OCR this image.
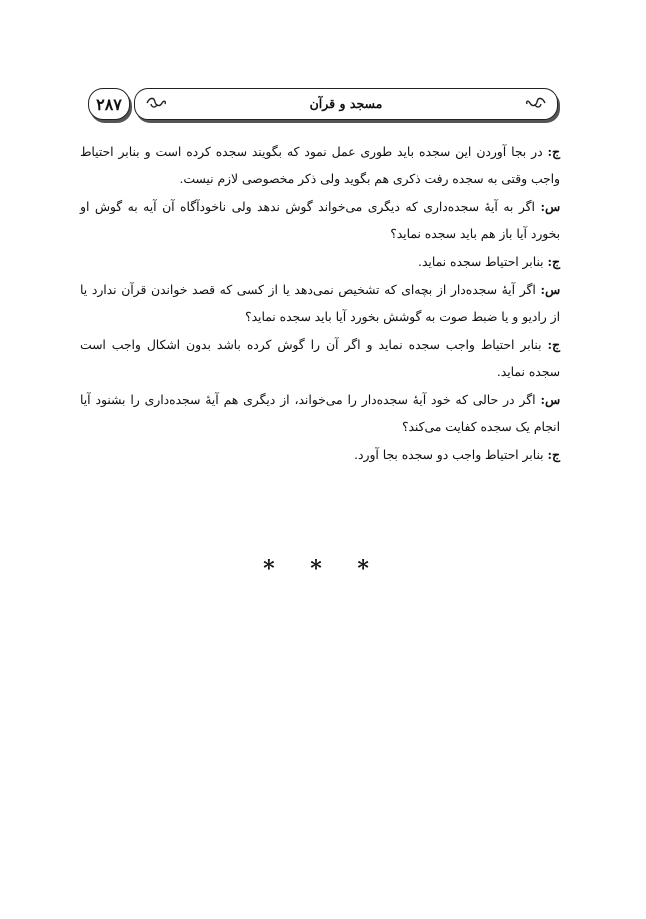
۲۸۷	مسجد و قرآن

ج: در بجا آوردن این سجده باید طوری عمل نمود که بگویند سجده کرده است و بنابر احتیاط واجب وقتی به سجده رفت ذکری هم بگوید ولی ذکر مخصوصی لازم نیست.

س: اگر به آیهٔ سجده‌داری که دیگری می‌خواند گوش ندهد ولی ناخودآگاه آن آیه به گوش او بخورد آیا باز هم باید سجده نماید؟

ج: بنابر احتیاط سجده نماید.

س: اگر آیهٔ سجده‌دار از بچه‌ای که تشخیص نمی‌دهد یا از کسی که قصد خواندن قرآن ندارد یا از رادیو و یا ضبط صوت به گوشش بخورد آیا باید سجده نماید؟

ج: بنابر احتیاط واجب سجده نماید و اگر آن را گوش کرده باشد بدون اشکال واجب است سجده نماید.

س: اگر در حالی که خود آیهٔ سجده‌دار را می‌خواند، از دیگری هم آیهٔ سجده‌داری را بشنود آیا انجام یک سجده کفایت می‌کند؟

ج: بنابر احتیاط واجب دو سجده بجا آورد.

* * *
